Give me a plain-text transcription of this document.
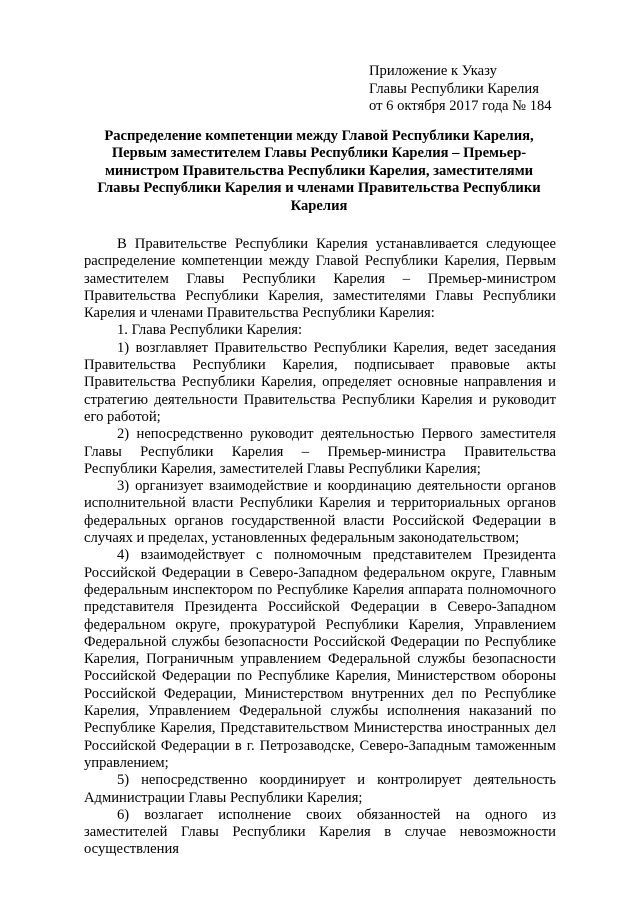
Приложение к Указу
Главы Республики Карелия
от 6 октября 2017 года № 184
Распределение компетенции между Главой Республики Карелия, Первым заместителем Главы Республики Карелия – Премьер-министром Правительства Республики Карелия, заместителями Главы Республики Карелия и членами Правительства Республики Карелия

В Правительстве Республики Карелия устанавливается следующее распределение компетенции между Главой Республики Карелия, Первым заместителем Главы Республики Карелия – Премьер-министром Правительства Республики Карелия, заместителями Главы Республики Карелия и членами Правительства Республики Карелия:

1. Глава Республики Карелия:

1) возглавляет Правительство Республики Карелия, ведет заседания Правительства Республики Карелия, подписывает правовые акты Правительства Республики Карелия, определяет основные направления и стратегию деятельности Правительства Республики Карелия и руководит его работой;

2) непосредственно руководит деятельностью Первого заместителя Главы Республики Карелия – Премьер-министра Правительства Республики Карелия, заместителей Главы Республики Карелия;

3) организует взаимодействие и координацию деятельности органов исполнительной власти Республики Карелия и территориальных органов федеральных органов государственной власти Российской Федерации в случаях и пределах, установленных федеральным законодательством;

4) взаимодействует с полномочным представителем Президента Российской Федерации в Северо-Западном федеральном округе, Главным федеральным инспектором по Республике Карелия аппарата полномочного представителя Президента Российской Федерации в Северо-Западном федеральном округе, прокуратурой Республики Карелия, Управлением Федеральной службы безопасности Российской Федерации по Республике Карелия, Пограничным управлением Федеральной службы безопасности Российской Федерации по Республике Карелия, Министерством обороны Российской Федерации, Министерством внутренних дел по Республике Карелия, Управлением Федеральной службы исполнения наказаний по Республике Карелия, Представительством Министерства иностранных дел Российской Федерации в г. Петрозаводске, Северо-Западным таможенным управлением;

5) непосредственно координирует и контролирует деятельность Администрации Главы Республики Карелия;

6) возлагает исполнение своих обязанностей на одного из заместителей Главы Республики Карелия в случае невозможности осуществления
